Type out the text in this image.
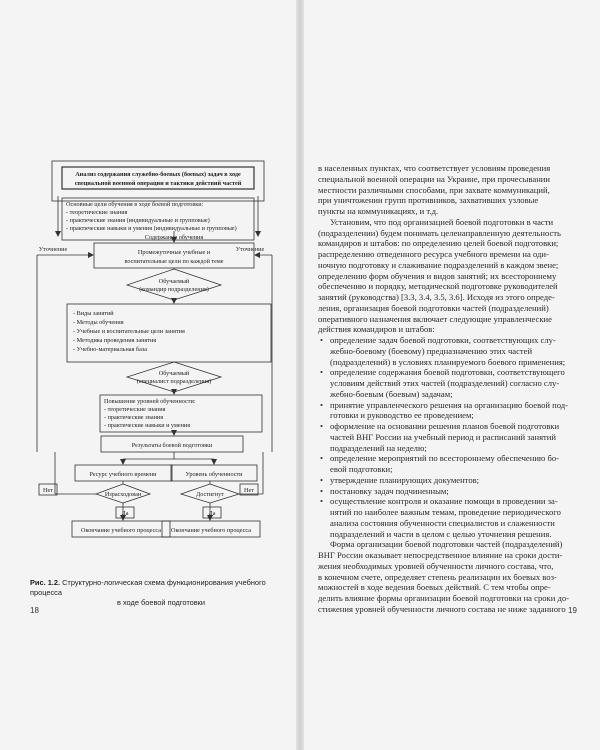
Анализ содержания служебно-боевых (боевых) задач в ходе
специальной военной операции и тактики действий частей
Основные цели обучения в ходе боевой подготовки:
- теоретические знания
- практические знания (индивидуальные и групповые)
- практические навыки и умения (индивидуальные и групповые)
Содержание обучения
Уточнение	Уточнение
Промежуточные учебные и
воспитательные цели по каждой теме
Обучаемый
(командир подразделения)
- Виды занятий
- Методы обучения
- Учебные и воспитательные цели занятия
- Методика проведения занятия
- Учебно-материальная база
Обучаемый
(специалист подразделения)
Повышение уровней обученности:
- теоретические знания
- практические знания
- практические навыки и умения
Результаты боевой подготовки
Ресурс учебного времени	Уровень обученности
Израсходован	Достигнут
Нет	Нет
Да	Да
Окончание учебного процесса Окончание учебного процесса
Рис. 1.2. Структурно-логическая схема функционирования учебного процесса
в ходе боевой подготовки
18	19
в населенных пунктах, что соответствует условиям проведения
специальной военной операции на Украине, при прочесывании
местности различными способами, при захвате коммуникаций,
при уничтожении групп противников, захвативших узловые
пункты на коммуникациях, и т.д.
Установим, что под организацией боевой подготовки в части
(подразделении) будем понимать целенаправленную деятельность
командиров и штабов: по определению целей боевой подготовки;
распределению отведенного ресурса учебного времени на оди-
ночную подготовку и слаживание подразделений в каждом звене;
определению форм обучения и видов занятий; их всестороннему
обеспечению и порядку, методической подготовке руководителей
занятий (руководства) [3.3, 3.4, 3.5, 3.6]. Исходя из этого опреде-
ления, организация боевой подготовки частей (подразделений)
оперативного назначения включает следующие управленческие
действия командиров и штабов:
• определение задач боевой подготовки, соответствующих слу-
жебно-боевому (боевому) предназначению этих частей
(подразделений) в условиях планируемого боевого применения;
• определение содержания боевой подготовки, соответствующего
условиям действий этих частей (подразделений) согласно слу-
жебно-боевым (боевым) задачам;
• принятие управленческого решения на организацию боевой под-
готовки и руководство ее проведением;
• оформление на основании решения планов боевой подготовки
частей ВНГ России на учебный период и расписаний занятий
подразделений на неделю;
• определение мероприятий по всестороннему обеспечению бо-
евой подготовки;
• утверждение планирующих документов;
• постановку задач подчиненным;
• осуществление контроля и оказание помощи в проведении за-
нятий по наиболее важным темам, проведение периодического
анализа состояния обученности специалистов и слаженности
подразделений и части в целом с целью уточнения решения.
Форма организации боевой подготовки частей (подразделений)
ВНГ России оказывает непосредственное влияние на сроки дости-
жения необходимых уровней обученности личного состава, что,
в конечном счете, определяет степень реализации их боевых воз-
можностей в ходе ведения боевых действий. С тем чтобы опре-
делить влияние формы организации боевой подготовки на сроки до-
стижения уровней обученности личного состава не ниже заданного
